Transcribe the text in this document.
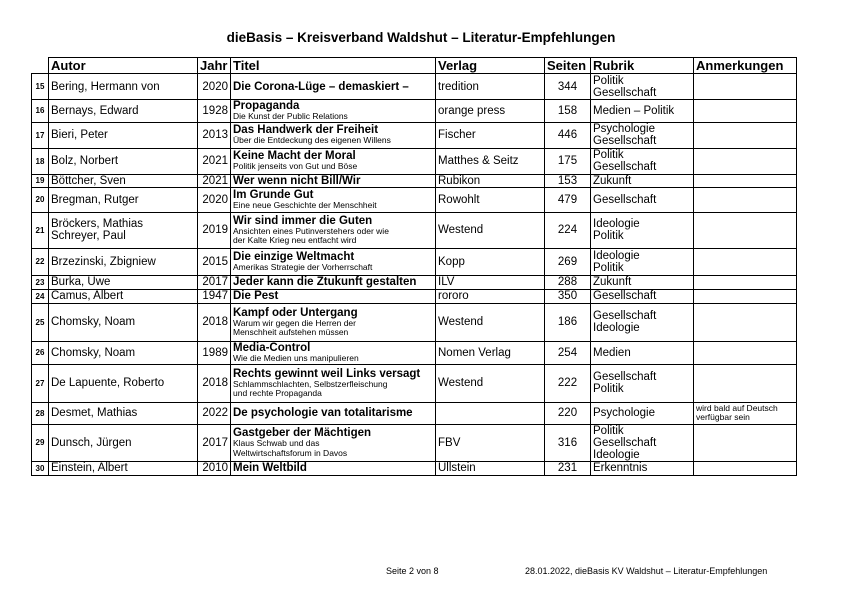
dieBasis – Kreisverband Waldshut – Literatur-Empfehlungen
	Autor	Jahr	Titel	Verlag	Seiten	Rubrik	Anmerkungen
15	Bering, Hermann von	2020	Die Corona-Lüge – demaskiert –	tredition	344	Politik
Gesellschaft	

16	Bernays, Edward	1928	Propaganda
Die Kunst der Public Relations	orange press	158	Medien – Politik	

17	Bieri, Peter	2013	Das Handwerk der Freiheit
Über die Entdeckung des eigenen Willens	Fischer	446	Psychologie
Gesellschaft	

18	Bolz, Norbert	2021	Keine Macht der Moral
Politik jenseits von Gut und Böse	Matthes & Seitz	175	Politik
Gesellschaft	

19	Böttcher, Sven	2021	Wer wenn nicht Bill/Wir	Rubikon	153	Zukunft	

20	Bregman, Rutger	2020	Im Grunde Gut
Eine neue Geschichte der Menschheit	Rowohlt	479	Gesellschaft	

21	Bröckers, Mathias
Schreyer, Paul	2019	Wir sind immer die Guten
Ansichten eines Putinverstehers oder wie
der Kalte Krieg neu entfacht wird	Westend	224	Ideologie
Politik	

22	Brzezinski, Zbigniew	2015	Die einzige Weltmacht
Amerikas Strategie der Vorherrschaft	Kopp	269	Ideologie
Politik	

23	Burka, Uwe	2017	Jeder kann die Ztukunft gestalten	ILV	288	Zukunft	

24	Camus, Albert	1947	Die Pest	rororo	350	Gesellschaft	

25	Chomsky, Noam	2018	Kampf oder Untergang
Warum wir gegen die Herren der
Menschheit aufstehen müssen	Westend	186	Gesellschaft
Ideologie	

26	Chomsky, Noam	1989	Media-Control
Wie die Medien uns manipulieren	Nomen Verlag	254	Medien	

27	De Lapuente, Roberto	2018	Rechts gewinnt weil Links versagt
Schlammschlachten, Selbstzerfleischung
und rechte Propaganda	Westend	222	Gesellschaft
Politik	

28	Desmet, Mathias	2022	De psychologie van totalitarisme		220	Psychologie	wird bald auf Deutsch
verfügbar sein

29	Dunsch, Jürgen	2017	Gastgeber der Mächtigen
Klaus Schwab und das
Weltwirtschaftsforum in Davos	FBV	316	Politik
Gesellschaft
Ideologie	

30	Einstein, Albert	2010	Mein Weltbild	Ullstein	231	Erkenntnis	

Seite 2 von 8	28.01.2022, dieBasis KV Waldshut – Literatur-Empfehlungen
